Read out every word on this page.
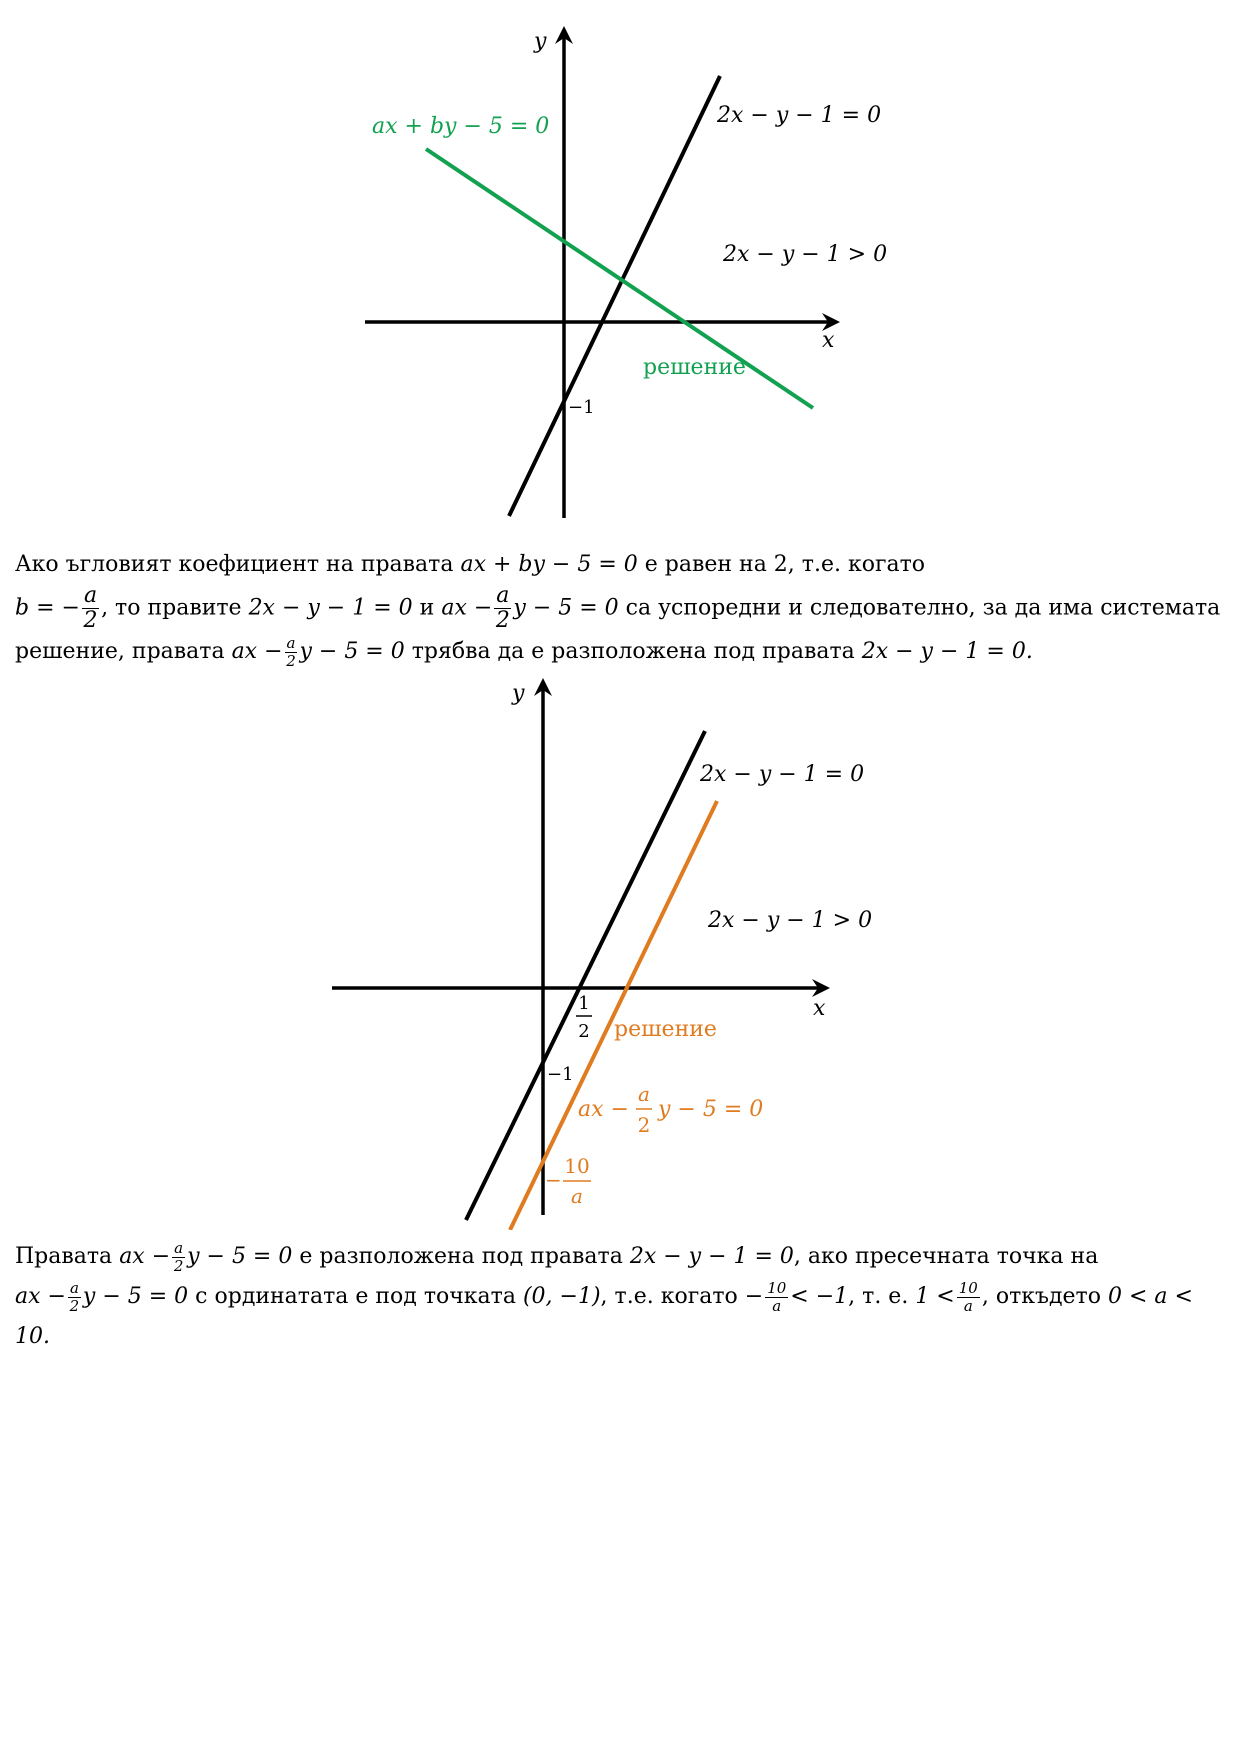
x
y
−1
2x − y − 1 = 0
2x − y − 1 > 0
ax + by − 5 = 0
решение
Ако ъгловият коефициент на правата ax + by − 5 = 0 е равен на 2, т.е. когато
b = − $\frac{a}{2}$ , то правите 2x − y − 1 = 0 и ax − $\frac{a}{2}$ y − 5 = 0 са успоредни и следователно, за да има системата решение, правата ax − $\frac{a}{2}$ y − 5 = 0 трябва да е разположена под правата 2x − y − 1 = 0.
x
y
−1
1
2
2x − y − 1 = 0
2x − y − 1 > 0
решение
ax −
a
2
y − 5 = 0
−
10
a
Правата ax − $\frac{a}{2}$ y − 5 = 0 е разположена под правата 2x − y − 1 = 0, ако пресечната точка на
ax − $\frac{a}{2}$ y − 5 = 0 с ординатата е под точката (0, −1), т.е. когато − $\frac{10}{a} < -1$, т. е. $1 < \frac{10}{a}$ , откъдето 0 < a < 10.
